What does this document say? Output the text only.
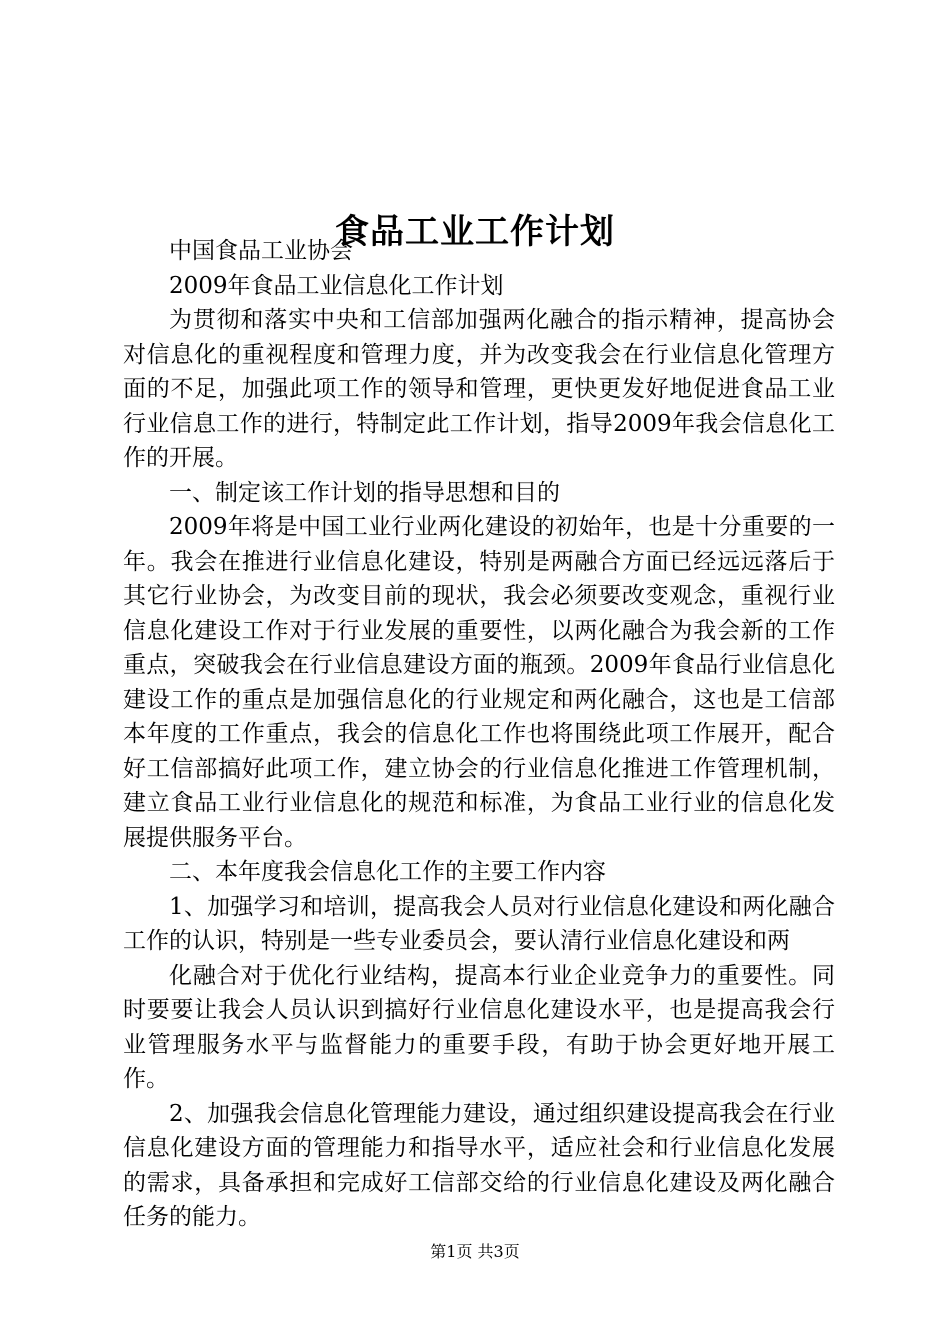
食品工业工作计划

中国食品工业协会

2009年食品工业信息化工作计划

为贯彻和落实中央和工信部加强两化融合的指示精神，提高协会对信息化的重视程度和管理力度，并为改变我会在行业信息化管理方面的不足，加强此项工作的领导和管理，更快更发好地促进食品工业行业信息工作的进行，特制定此工作计划，指导2009年我会信息化工作的开展。

一、制定该工作计划的指导思想和目的

2009年将是中国工业行业两化建设的初始年，也是十分重要的一年。我会在推进行业信息化建设，特别是两融合方面已经远远落后于其它行业协会，为改变目前的现状，我会必须要改变观念，重视行业信息化建设工作对于行业发展的重要性，以两化融合为我会新的工作重点，突破我会在行业信息建设方面的瓶颈。2009年食品行业信息化建设工作的重点是加强信息化的行业规定和两化融合，这也是工信部本年度的工作重点，我会的信息化工作也将围绕此项工作展开，配合好工信部搞好此项工作，建立协会的行业信息化推进工作管理机制，建立食品工业行业信息化的规范和标准，为食品工业行业的信息化发展提供服务平台。

二、本年度我会信息化工作的主要工作内容

1、加强学习和培训，提高我会人员对行业信息化建设和两化融合工作的认识，特别是一些专业委员会，要认清行业信息化建设和两

化融合对于优化行业结构，提高本行业企业竞争力的重要性。同时要要让我会人员认识到搞好行业信息化建设水平，也是提高我会行业管理服务水平与监督能力的重要手段，有助于协会更好地开展工作。

2、加强我会信息化管理能力建设，通过组织建设提高我会在行业信息化建设方面的管理能力和指导水平，适应社会和行业信息化发展的需求，具备承担和完成好工信部交给的行业信息化建设及两化融合任务的能力。

第1页 共3页
